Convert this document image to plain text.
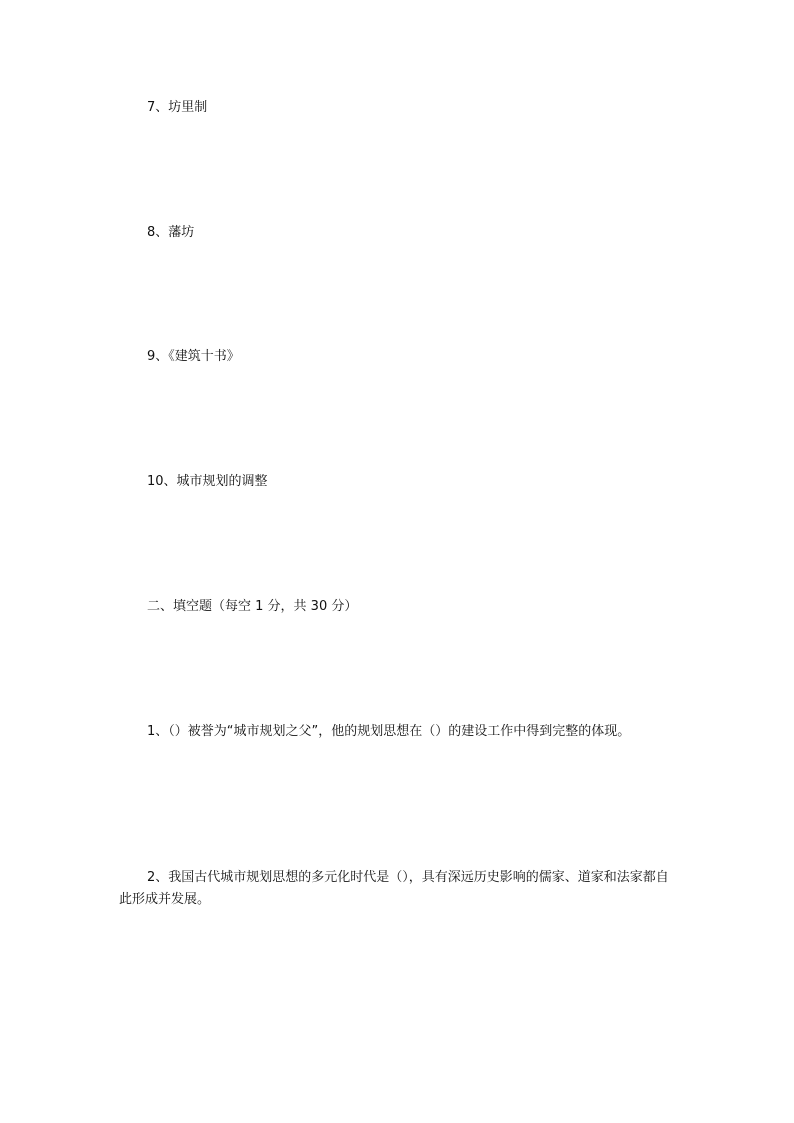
7、坊里制
8、藩坊
9、《建筑十书》
10、城市规划的调整
二、填空题（每空 1 分，共 30 分）
1、（）被誉为“城市规划之父”，他的规划思想在（）的建设工作中得到完整的体现。
2、我国古代城市规划思想的多元化时代是（），具有深远历史影响的儒家、道家和法家都自此形成并发展。
